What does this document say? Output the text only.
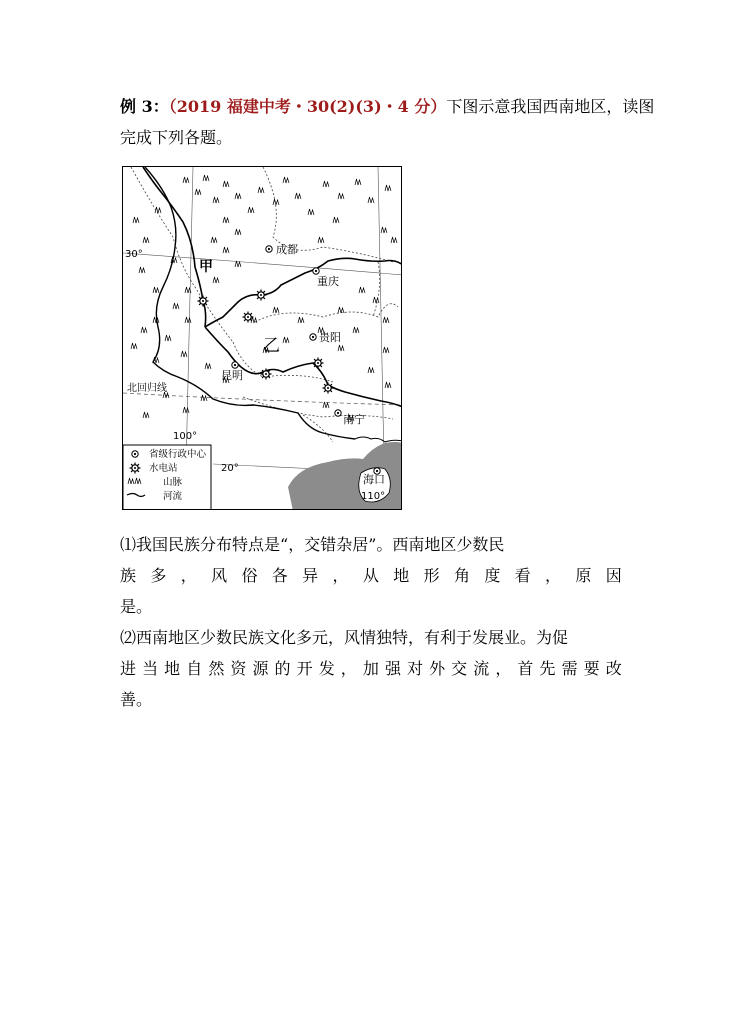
例 3：（2019 福建中考・30(2)(3)・4 分）下图示意我国西南地区，读图
完成下列各题。
成都
重庆
贵阳
昆明
南宁
海口
甲
乙
北回归线
30°
20°
100°
110°
省级行政中心
水电站
山脉
河流
⑴我国民族分布特点是“，交错杂居”。西南地区少数民
族 多 ， 风 俗 各 异 ， 从 地 形 角 度 看 ， 原 因
是。
⑵西南地区少数民族文化多元，风情独特，有利于发展业。为促
进 当 地 自 然 资 源 的 开 发 ， 加 强 对 外 交 流 ， 首 先 需 要 改
善。
